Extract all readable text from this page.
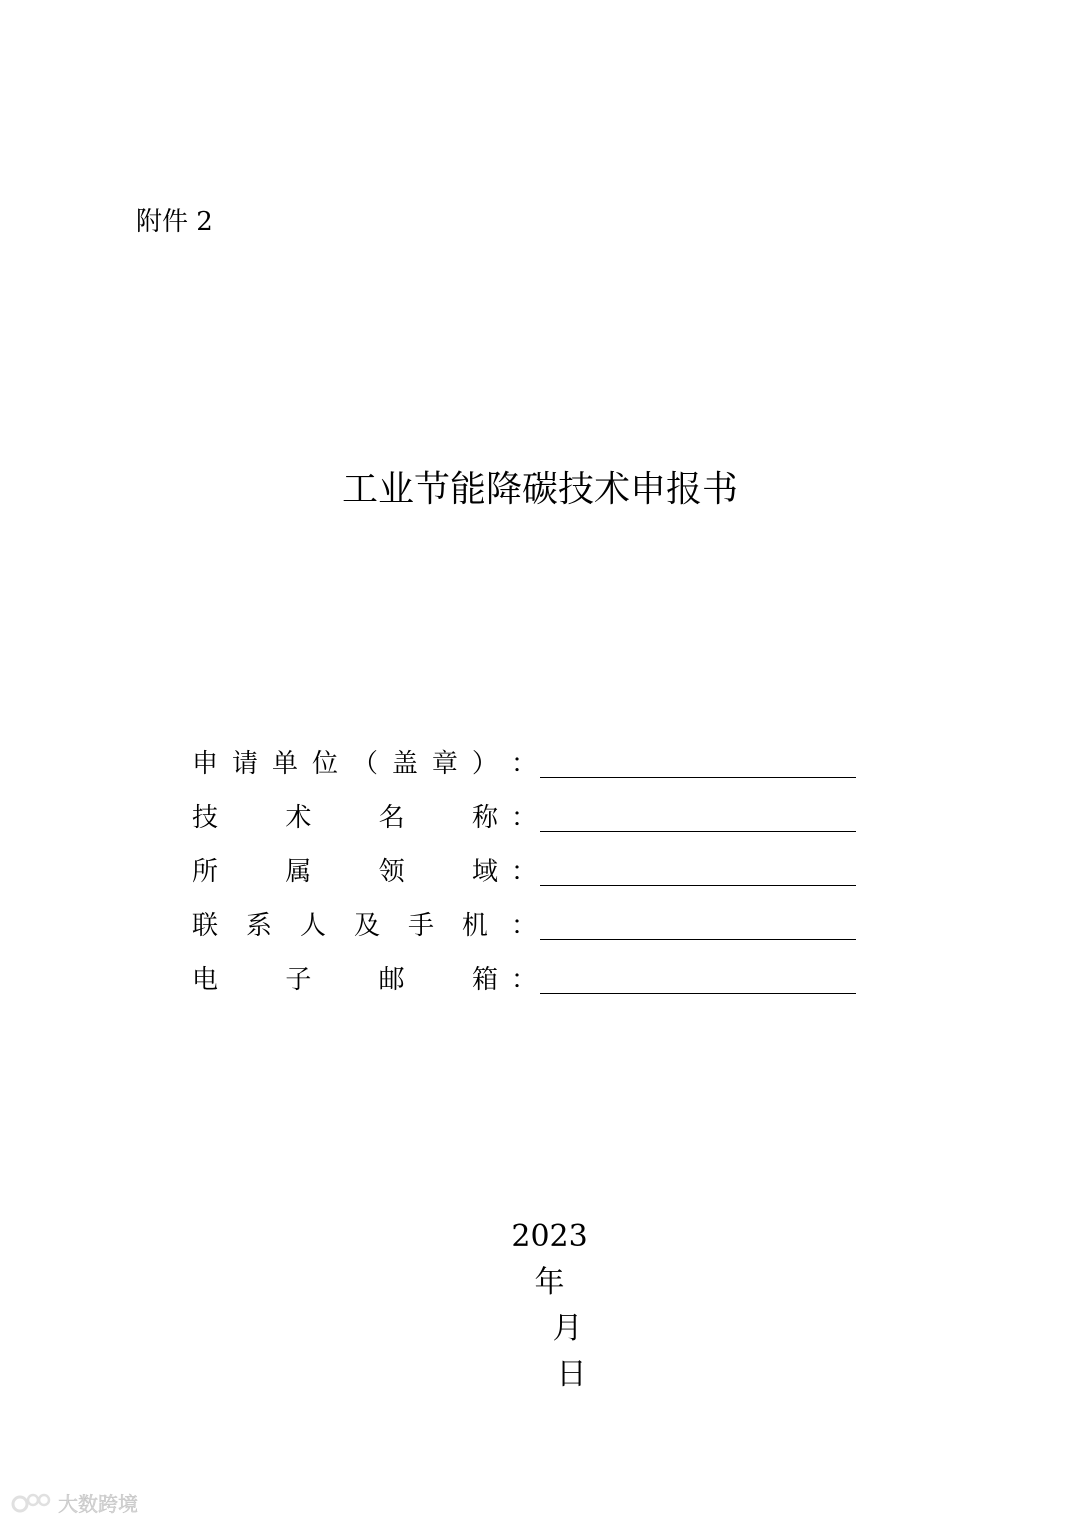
附件 2
工业节能降碳技术申报书
申 请 单 位 （ 盖 章 ） ：
技	术	名	称 ：
所	属	领	域 ：
联 系 人 及 手 机 ：
电	子	邮	箱 ：

2023
年
月
日

大数跨境
